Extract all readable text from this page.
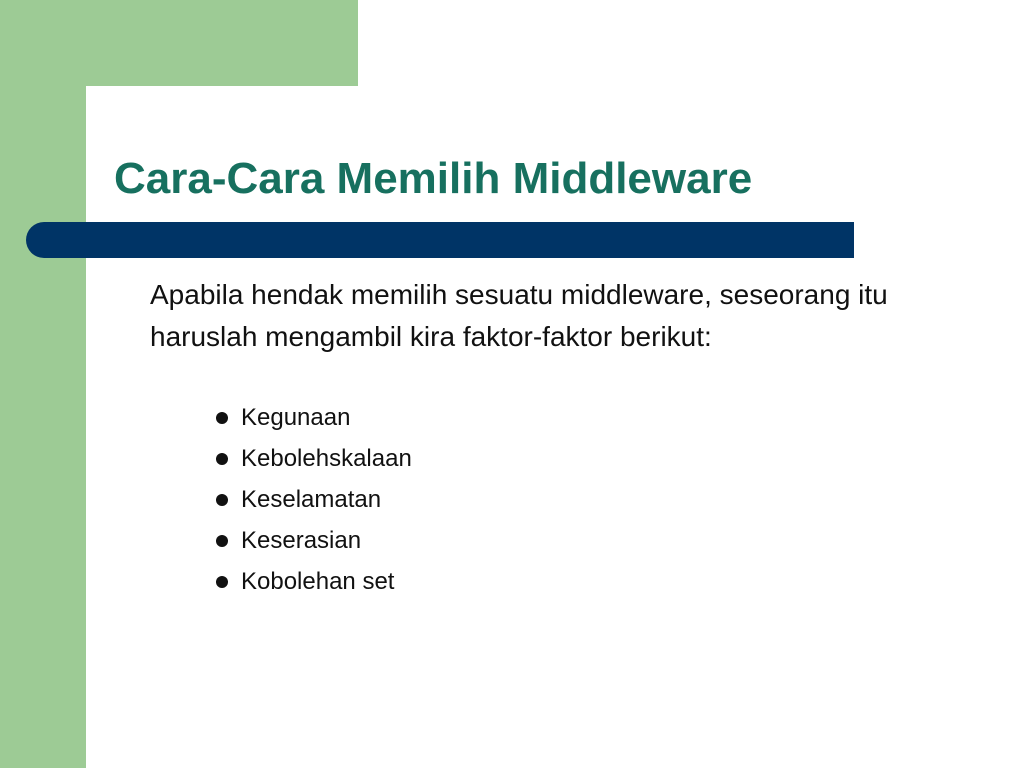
Cara-Cara Memilih Middleware

Apabila hendak memilih sesuatu middleware, seseorang itu haruslah mengambil kira faktor-faktor berikut:

Kegunaan
Kebolehskalaan
Keselamatan
Keserasian
Kobolehan set
